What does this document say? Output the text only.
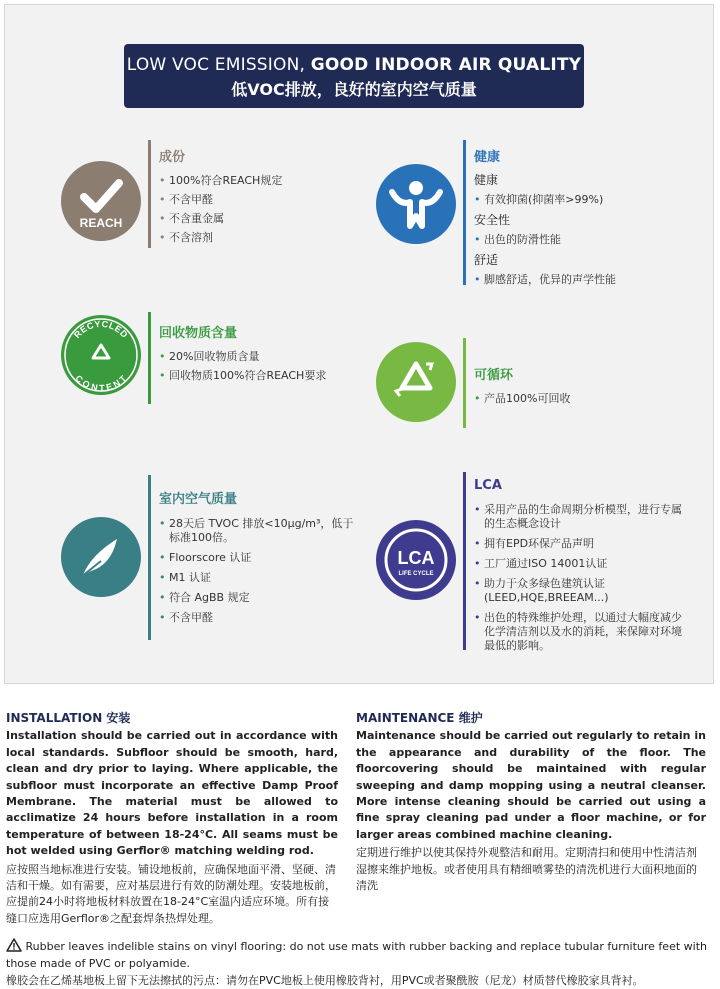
LOW VOC EMISSION, GOOD INDOOR AIR QUALITY
低VOC排放，良好的室内空气质量
REACH
成份
• 100%符合REACH规定
• 不含甲醛
• 不含重金属
• 不含溶剂
健康
健康
• 有效抑菌(抑菌率>99%)
安全性
• 出色的防滑性能
舒适
• 脚感舒适，优异的声学性能
RECYCLED
CONTENT
回收物质含量
• 20%回收物质含量
• 回收物质100%符合REACH要求	可循环
• 产品100%可回收
室内空气质量
• 28天后 TVOC 排放<10μg/m³，低于标准100倍。
• Floorscore 认证
• M1 认证
• 符合 AgBB 规定
• 不含甲醛
LCA
LIFE CYCLE
LCA
• 采用产品的生命周期分析模型，进行专属的生态概念设计
• 拥有EPD环保产品声明
• 工厂通过ISO 14001认证
• 助力于众多绿色建筑认证(LEED,HQE,BREEAM...)
• 出色的特殊维护处理，以通过大幅度减少化学清洁剂以及水的消耗，来保障对环境最低的影响。
INSTALLATION 安装
Installation should be carried out in accordance with local standards. Subfloor should be smooth, hard, clean and dry prior to laying. Where applicable, the subfloor must incorporate an effective Damp Proof Membrane. The material must be allowed to acclimatize 24 hours before installation in a room temperature of between 18-24°C. All seams must be hot welded using Gerflor® matching welding rod.
应按照当地标准进行安装。铺设地板前，应确保地面平滑、坚硬、清洁和干燥。如有需要，应对基层进行有效的防潮处理。安装地板前，应提前24小时将地板材料放置在18-24°C室温内适应环境。所有接缝口应选用Gerflor®之配套焊条热焊处理。
MAINTENANCE 维护
Maintenance should be carried out regularly to retain in the appearance and durability of the floor. The floorcovering should be maintained with regular sweeping and damp mopping using a neutral cleanser. More intense cleaning should be carried out using a fine spray cleaning pad under a floor machine, or for larger areas combined machine cleaning.
定期进行维护以使其保持外观整洁和耐用。定期清扫和使用中性清洁剂湿擦来维护地板。或者使用具有精细喷雾垫的清洗机进行大面积地面的清洗
Rubber leaves indelible stains on vinyl flooring: do not use mats with rubber backing and replace tubular furniture feet with those made of PVC or polyamide.
橡胶会在乙烯基地板上留下无法擦拭的污点：请勿在PVC地板上使用橡胶背衬，用PVC或者聚酰胺（尼龙）材质替代橡胶家具背衬。
